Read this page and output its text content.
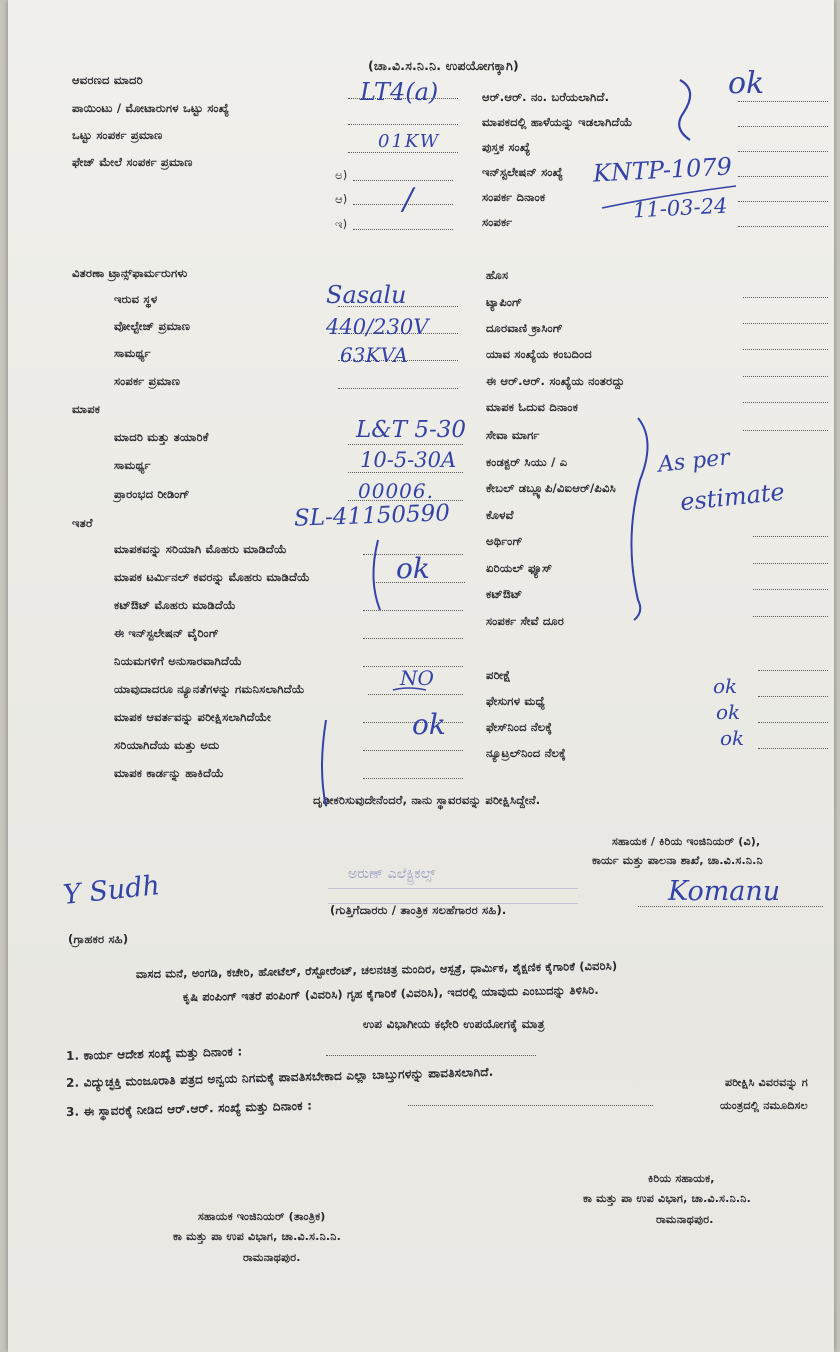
(ಚಾ.ವಿ.ಸ.ನಿ.ನಿ. ಉಪಯೋಗಕ್ಕಾಗಿ)
ಆವರಣದ ಮಾದರಿ
ಪಾಯಿಂಟು / ಮೋಟಾರುಗಳ ಒಟ್ಟು ಸಂಖ್ಯೆ
ಒಟ್ಟು ಸಂಪರ್ಕ ಪ್ರಮಾಣ
ಫೇಜ್ ಮೇಲೆ ಸಂಪರ್ಕ ಪ್ರಮಾಣ
ಅ)
ಆ)
ಇ)
ಆರ್.ಆರ್. ನಂ. ಬರೆಯಲಾಗಿದೆ.
ಮಾಪಕದಲ್ಲಿ ಹಾಳೆಯನ್ನು ಇಡಲಾಗಿದೆಯೆ
ಪುಸ್ತಕ ಸಂಖ್ಯೆ
ಇನ್‌ಸ್ಟಲೇಷನ್ ಸಂಖ್ಯೆ
ಸಂಪರ್ಕ ದಿನಾಂಕ
ಸಂಪರ್ಕ
ವಿತರಣಾ ಟ್ರಾನ್ಸ್‌ಫಾರ್ಮರುಗಳು
ಇರುವ ಸ್ಥಳ
ವೋಲ್ಟೇಜ್ ಪ್ರಮಾಣ
ಸಾಮರ್ಥ್ಯ
ಸಂಪರ್ಕ ಪ್ರಮಾಣ
ಮಾಪಕ
ಮಾದರಿ ಮತ್ತು ತಯಾರಿಕೆ
ಸಾಮರ್ಥ್ಯ
ಪ್ರಾರಂಭದ ರೀಡಿಂಗ್
ಇತರೆ
ಮಾಪಕವನ್ನು ಸರಿಯಾಗಿ ಮೊಹರು ಮಾಡಿದೆಯೆ
ಮಾಪಕ ಟರ್ಮಿನಲ್ ಕವರನ್ನು ಮೊಹರು ಮಾಡಿದೆಯೆ
ಕಟ್‌ಔಟ್ ಮೊಹರು ಮಾಡಿದೆಯೆ
ಈ ಇನ್‌ಸ್ಟಲೇಷನ್ ವೈರಿಂಗ್
ನಿಯಮಗಳಿಗೆ ಅನುಸಾರವಾಗಿದೆಯೆ
ಯಾವುದಾದರೂ ನ್ಯೂನತೆಗಳನ್ನು ಗಮನಿಸಲಾಗಿದೆಯೆ
ಮಾಪಕ ಆವರ್ತವನ್ನು ಪರೀಕ್ಷಿಸಲಾಗಿದೆಯೇ
ಸರಿಯಾಗಿದೆಯ ಮತ್ತು ಅದು
ಮಾಪಕ ಕಾರ್ಡನ್ನು ಹಾಕಿದೆಯೆ
ಹೊಸ
ಟ್ಯಾಪಿಂಗ್
ದೂರವಾಣಿ ಕ್ರಾಸಿಂಗ್
ಯಾವ ಸಂಖ್ಯೆಯ ಕಂಬದಿಂದ
ಈ ಆರ್.ಆರ್. ಸಂಖ್ಯೆಯ ನಂತರದ್ದು
ಮಾಪಕ ಓದುವ ದಿನಾಂಕ
ಸೇವಾ ಮಾರ್ಗ
ಕಂಡಕ್ಟರ್ ಸಿಯು / ಎ
ಕೇಬಲ್ ಡಬ್ಲ್ಯೂಪಿ/ವಿಐಆರ್/ಪಿವಿಸಿ
ಕೊಳವೆ
ಅರ್ಥಿಂಗ್
ಏರಿಯಲ್ ಫ್ಯೂಸ್
ಕಟ್‌ಔಟ್
ಸಂಪರ್ಕ ಸೇವೆ ದೂರ
ಪರೀಕ್ಷೆ
ಫೇಸುಗಳ ಮಧ್ಯೆ
ಫೇಸ್‌ನಿಂದ ನೆಲಕ್ಕೆ
ನ್ಯೂಟ್ರಲ್‌ನಿಂದ ನೆಲಕ್ಕೆ
ದೃಢೀಕರಿಸುವುದೇನೆಂದರೆ, ನಾನು ಸ್ಥಾವರವನ್ನು ಪರೀಕ್ಷಿಸಿದ್ದೇನೆ.
ಸಹಾಯಕ / ಕಿರಿಯ ಇಂಜಿನಿಯರ್ (ವಿ),
ಕಾರ್ಯ ಮತ್ತು ಪಾಲನಾ ಶಾಖೆ, ಚಾ.ವಿ.ಸ.ನಿ.ನಿ
ಅರುಣ್ ಎಲೆಕ್ಟ್ರಿಕಲ್ಸ್
(ಗುತ್ತಿಗೆದಾರರು / ತಾಂತ್ರಿಕ ಸಲಹೆಗಾರರ ಸಹಿ).
(ಗ್ರಾಹಕರ ಸಹಿ)
ವಾಸದ ಮನೆ, ಅಂಗಡಿ, ಕಚೇರಿ, ಹೋಟೆಲ್, ರೆಸ್ಟೋರೆಂಟ್, ಚಲನಚಿತ್ರ ಮಂದಿರ, ಆಸ್ಪತ್ರೆ, ಧಾರ್ಮಿಕ, ಶೈಕ್ಷಣಿಕ ಕೈಗಾರಿಕೆ (ವಿವರಿಸಿ)
ಕೃಷಿ ಪಂಪಿಂಗ್ ಇತರೆ ಪಂಪಿಂಗ್ (ವಿವರಿಸಿ) ಗೃಹ ಕೈಗಾರಿಕೆ (ವಿವರಿಸಿ), ಇದರಲ್ಲಿ ಯಾವುದು ಎಂಬುದನ್ನು ತಿಳಿಸಿರಿ.
ಉಪ ವಿಭಾಗೀಯ ಕಛೇರಿ ಉಪಯೋಗಕ್ಕೆ ಮಾತ್ರ
1. ಕಾರ್ಯ ಆದೇಶ ಸಂಖ್ಯೆ ಮತ್ತು ದಿನಾಂಕ :
2. ವಿದ್ಯುಚ್ಛಕ್ತಿ ಮಂಜೂರಾತಿ ಪತ್ರದ ಅನ್ವಯ ನಿಗಮಕ್ಕೆ ಪಾವತಿಸಬೇಕಾದ ಎಲ್ಲಾ ಬಾಬ್ತುಗಳನ್ನು ಪಾವತಿಸಲಾಗಿದೆ.
3. ಈ ಸ್ಥಾವರಕ್ಕೆ ನೀಡಿದ ಆರ್.ಆರ್. ಸಂಖ್ಯೆ ಮತ್ತು ದಿನಾಂಕ :
ಪರೀಕ್ಷಿಸಿ ವಿವರವನ್ನು ಗ
ಯಂತ್ರದಲ್ಲಿ ನಮೂದಿಸಲ
ಸಹಾಯಕ ಇಂಜಿನಿಯರ್ (ತಾಂತ್ರಿಕ)
ಕಾ ಮತ್ತು ಪಾ ಉಪ ವಿಭಾಗ, ಚಾ.ವಿ.ಸ.ನಿ.ನಿ.
ರಾಮನಾಥಪುರ.
ಕಿರಿಯ ಸಹಾಯಕ,
ಕಾ ಮತ್ತು ಪಾ ಉಪ ವಿಭಾಗ, ಚಾ.ವಿ.ಸ.ನಿ.ನಿ.
ರಾಮನಾಥಪುರ.
LT4(a)
01KW
/
ok
KNTP-1079
11-03-24
Sasalu
440/230V
63KVA
L&T 5-30
10-5-30A
00006.
SL-41150590
ok
NO
ok
As per
estimate
ok
ok
ok
Y Sudh	Komanu
